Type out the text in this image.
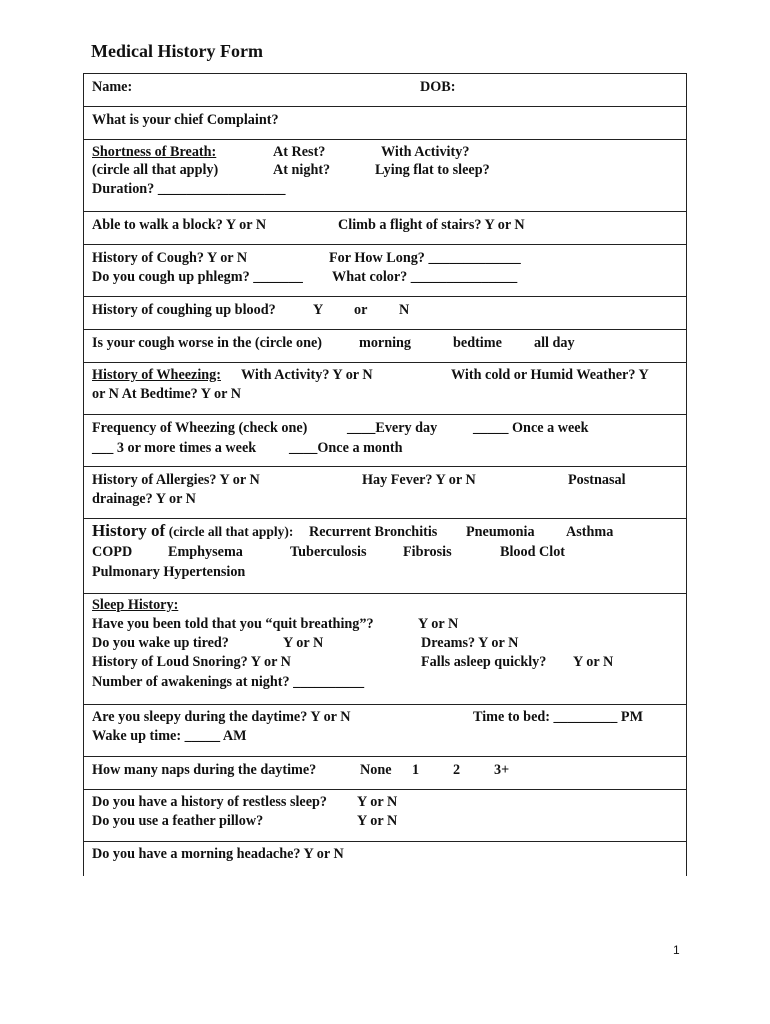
Medical History Form
Name:	DOB:
What is your chief Complaint?
Shortness of Breath:	At Rest?	With Activity?
(circle all that apply)	At night?	Lying flat to sleep?
Duration? __________________
Able to walk a block? Y or N	Climb a flight of stairs? Y or N
History of Cough? Y or N	For How Long? _____________
Do you cough up phlegm? _______ What color? _______________
History of coughing up blood?	Y or N
Is your cough worse in the (circle one)	morning	bedtime all day
History of Wheezing: With Activity? Y or N	With cold or Humid Weather? Y
or N At Bedtime? Y or N
Frequency of Wheezing (check one)	____Every day	_____ Once a week
___ 3 or more times a week ____Once a month
History of Allergies? Y or N	Hay Fever? Y or N	Postnasal
drainage? Y or N
History of (circle all that apply): Recurrent Bronchitis Pneumonia Asthma
COPD	Emphysema	Tuberculosis	Fibrosis	Blood Clot
Pulmonary Hypertension
Sleep History:
Have you been told that you “quit breathing”?	Y or N
Do you wake up tired?	Y or N	Dreams? Y or N
History of Loud Snoring? Y or N	Falls asleep quickly? Y or N
Number of awakenings at night? __________
Are you sleepy during the daytime? Y or N	Time to bed: _________ PM
Wake up time: _____ AM
How many naps during the daytime?	None 1 2 3+
Do you have a history of restless sleep? Y or N
Do you use a feather pillow?	Y or N
Do you have a morning headache? Y or N
1
